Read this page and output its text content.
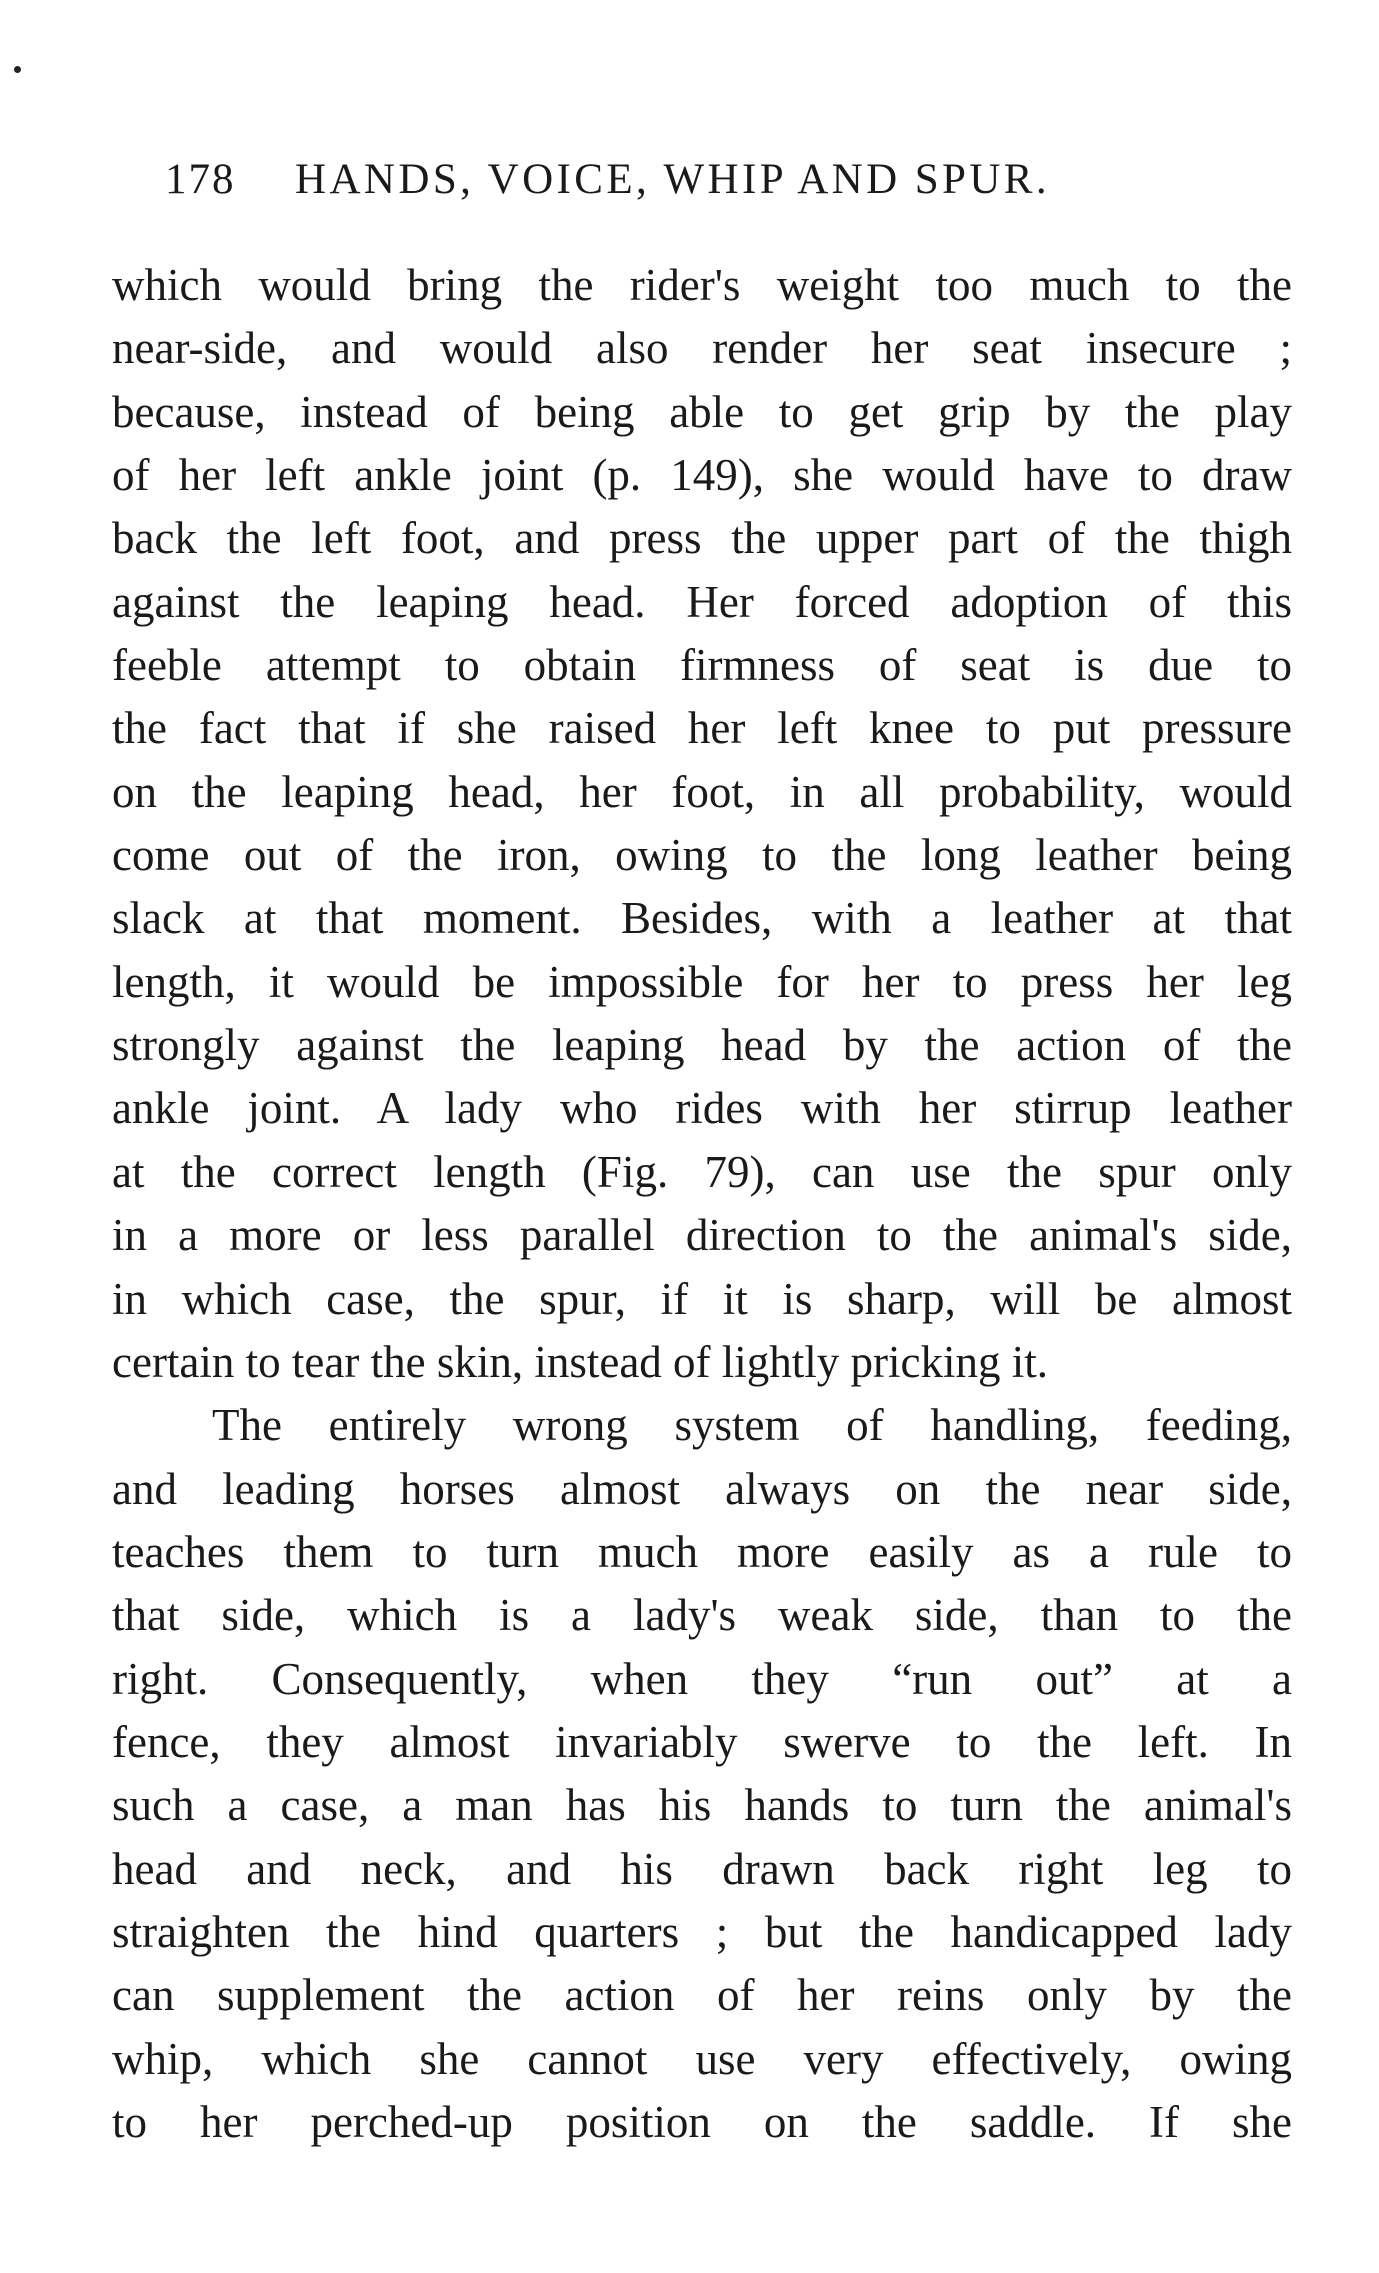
178 HANDS, VOICE, WHIP AND SPUR.
which would bring the rider's weight too much to the
near-side, and would also render her seat insecure ;
because, instead of being able to get grip by the play
of her left ankle joint (p. 149), she would have to draw
back the left foot, and press the upper part of the thigh
against the leaping head. Her forced adoption of this
feeble attempt to obtain firmness of seat is due to
the fact that if she raised her left knee to put pressure
on the leaping head, her foot, in all probability, would
come out of the iron, owing to the long leather being
slack at that moment. Besides, with a leather at that
length, it would be impossible for her to press her leg
strongly against the leaping head by the action of the
ankle joint. A lady who rides with her stirrup leather
at the correct length (Fig. 79), can use the spur only
in a more or less parallel direction to the animal's side,
in which case, the spur, if it is sharp, will be almost
certain to tear the skin, instead of lightly pricking it.
The entirely wrong system of handling, feeding,
and leading horses almost always on the near side,
teaches them to turn much more easily as a rule to
that side, which is a lady's weak side, than to the
right. Consequently, when they “run out” at a
fence, they almost invariably swerve to the left. In
such a case, a man has his hands to turn the animal's
head and neck, and his drawn back right leg to
straighten the hind quarters ; but the handicapped lady
can supplement the action of her reins only by the
whip, which she cannot use very effectively, owing
to her perched-up position on the saddle. If she
